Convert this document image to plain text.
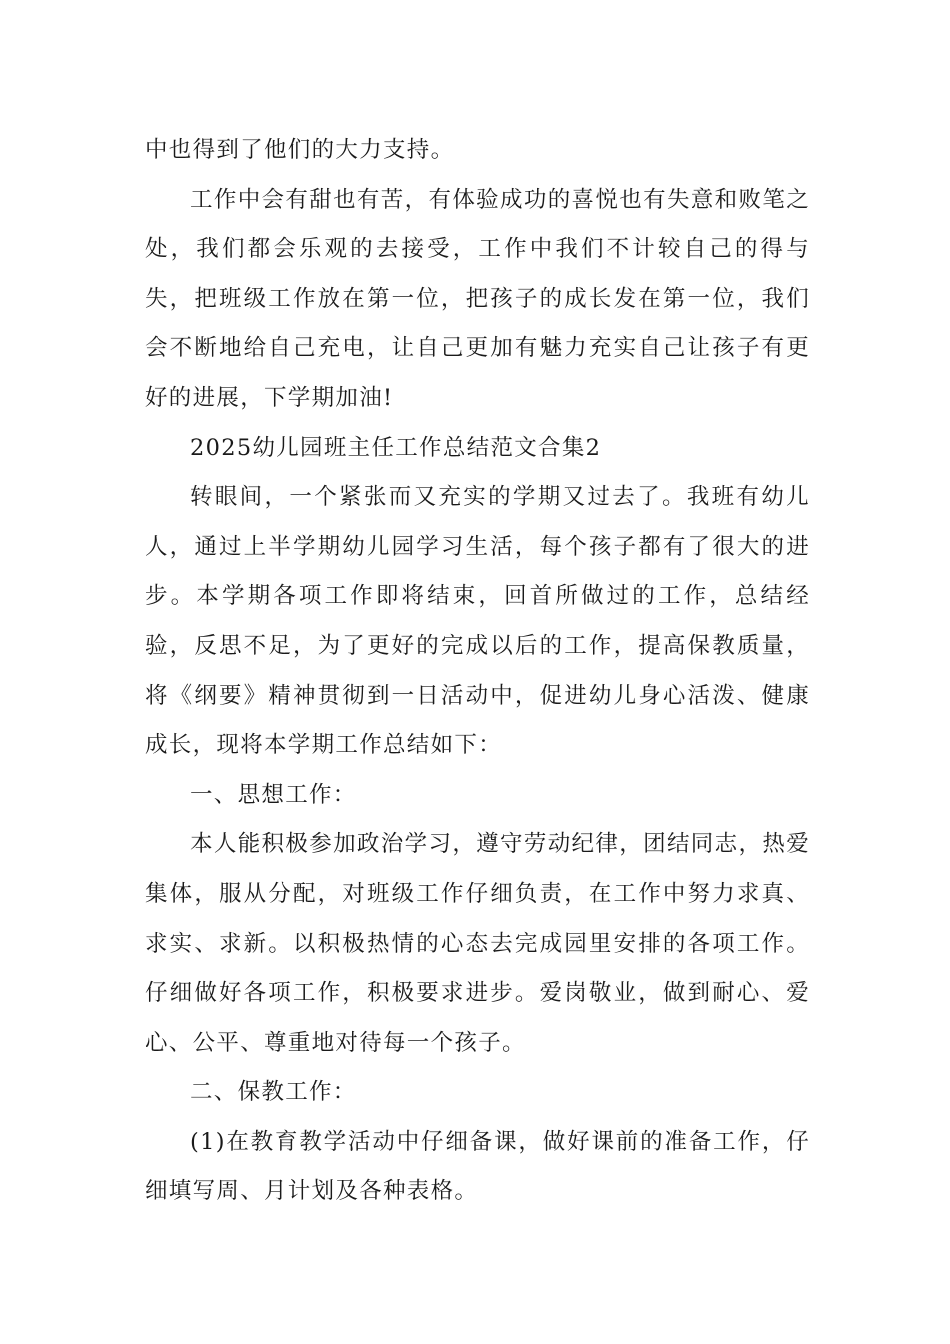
中也得到了他们的大力支持。

工作中会有甜也有苦，有体验成功的喜悦也有失意和败笔之处，我们都会乐观的去接受，工作中我们不计较自己的得与失，把班级工作放在第一位，把孩子的成长发在第一位，我们会不断地给自己充电，让自己更加有魅力充实自己让孩子有更好的进展，下学期加油!

2025幼儿园班主任工作总结范文合集2

转眼间，一个紧张而又充实的学期又过去了。我班有幼儿人，通过上半学期幼儿园学习生活，每个孩子都有了很大的进步。本学期各项工作即将结束，回首所做过的工作，总结经验，反思不足，为了更好的完成以后的工作，提高保教质量，将《纲要》精神贯彻到一日活动中，促进幼儿身心活泼、健康成长，现将本学期工作总结如下：

一、思想工作：

本人能积极参加政治学习，遵守劳动纪律，团结同志，热爱集体，服从分配，对班级工作仔细负责，在工作中努力求真、求实、求新。以积极热情的心态去完成园里安排的各项工作。仔细做好各项工作，积极要求进步。爱岗敬业，做到耐心、爱心、公平、尊重地对待每一个孩子。

二、保教工作：

(1)在教育教学活动中仔细备课，做好课前的准备工作，仔细填写周、月计划及各种表格。
